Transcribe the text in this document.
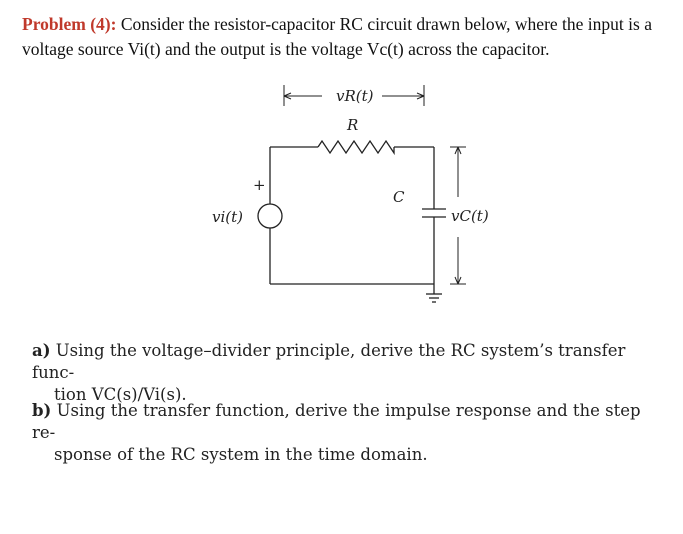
Problem (4): Consider the resistor-capacitor RC circuit drawn below, where the input is a
voltage source Vi(t) and the output is the voltage Vc(t) across the capacitor.
vR(t)
R
+
vi(t)
C
vC(t)
a) Using the voltage–divider principle, derive the RC system’s transfer func-
tion VC(s)/Vi(s).
b) Using the transfer function, derive the impulse response and the step re-
sponse of the RC system in the time domain.
